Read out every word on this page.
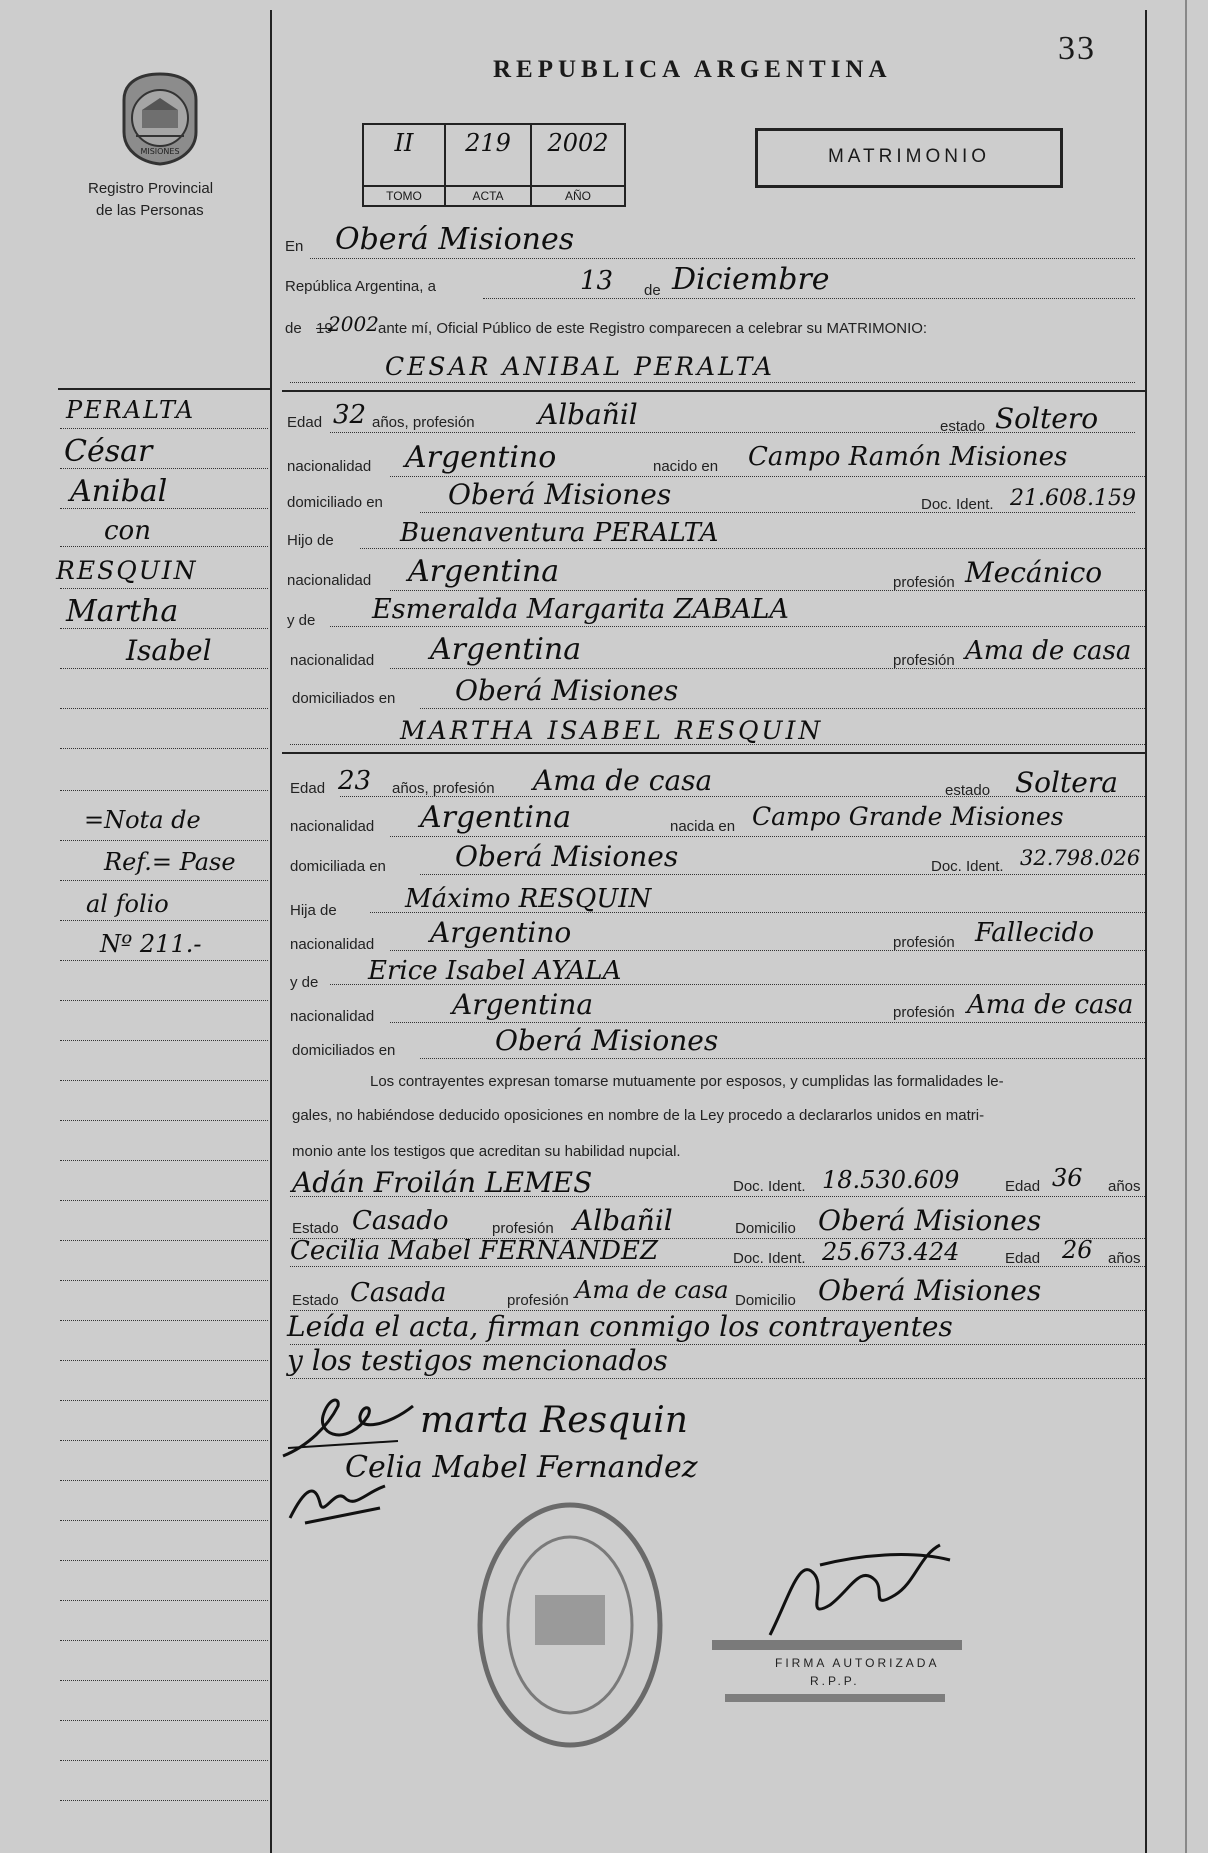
33
REPUBLICA ARGENTINA
MISIONES
Registro Provincial
de las Personas
II
TOMO
219
ACTA
2002
AÑO
MATRIMONIO
En Oberá Misiones
República Argentina, a	13 de Diciembre
de 19
2002 ante mí, Oficial Público de este Registro comparecen a celebrar su MATRIMONIO:
CESAR ANIBAL PERALTA
Edad 32 años, profesión Albañil	estado Soltero
nacionalidad Argentino	nacido en Campo Ramón Misiones
domiciliado en Oberá Misiones	Doc. Ident. 21.608.159
Hijo de	Buenaventura PERALTA
nacionalidad Argentina	profesión Mecánico
y de Esmeralda Margarita ZABALA
nacionalidad Argentina	profesión Ama de casa
domiciliados en Oberá Misiones
MARTHA ISABEL RESQUIN
Edad 23 años, profesión Ama de casa	estado Soltera
nacionalidad Argentina	nacida en Campo Grande Misiones
domiciliada en Oberá Misiones	Doc. Ident. 32.798.026
Hija de	Máximo RESQUIN
nacionalidad Argentino	profesión Fallecido
y de Erice Isabel AYALA
nacionalidad	Argentina	profesión Ama de casa
domiciliados en	Oberá Misiones
Los contrayentes expresan tomarse mutuamente por esposos, y cumplidas las formalidades le-
gales, no habiéndose deducido oposiciones en nombre de la Ley procedo a declararlos unidos en matri-
monio ante los testigos que acreditan su habilidad nupcial.
Adán Froilán LEMES	Doc. Ident. 18.530.609	Edad 36 años
Estado Casado	profesión Albañil	Domicilio Oberá Misiones
Cecilia Mabel FERNANDEZ	Doc. Ident. 25.673.424	Edad 26 años
Estado Casada	profesión Ama de casa Domicilio Oberá Misiones
Leída el acta, firman conmigo los contrayentes
y los testigos mencionados
marta Resquin
Celia Mabel Fernandez
FIRMA AUTORIZADA
R.P.P.
PERALTA
César
Anibal
con
RESQUIN
Martha
Isabel
=Nota de
Ref.= Pase
al folio
Nº 211.-
